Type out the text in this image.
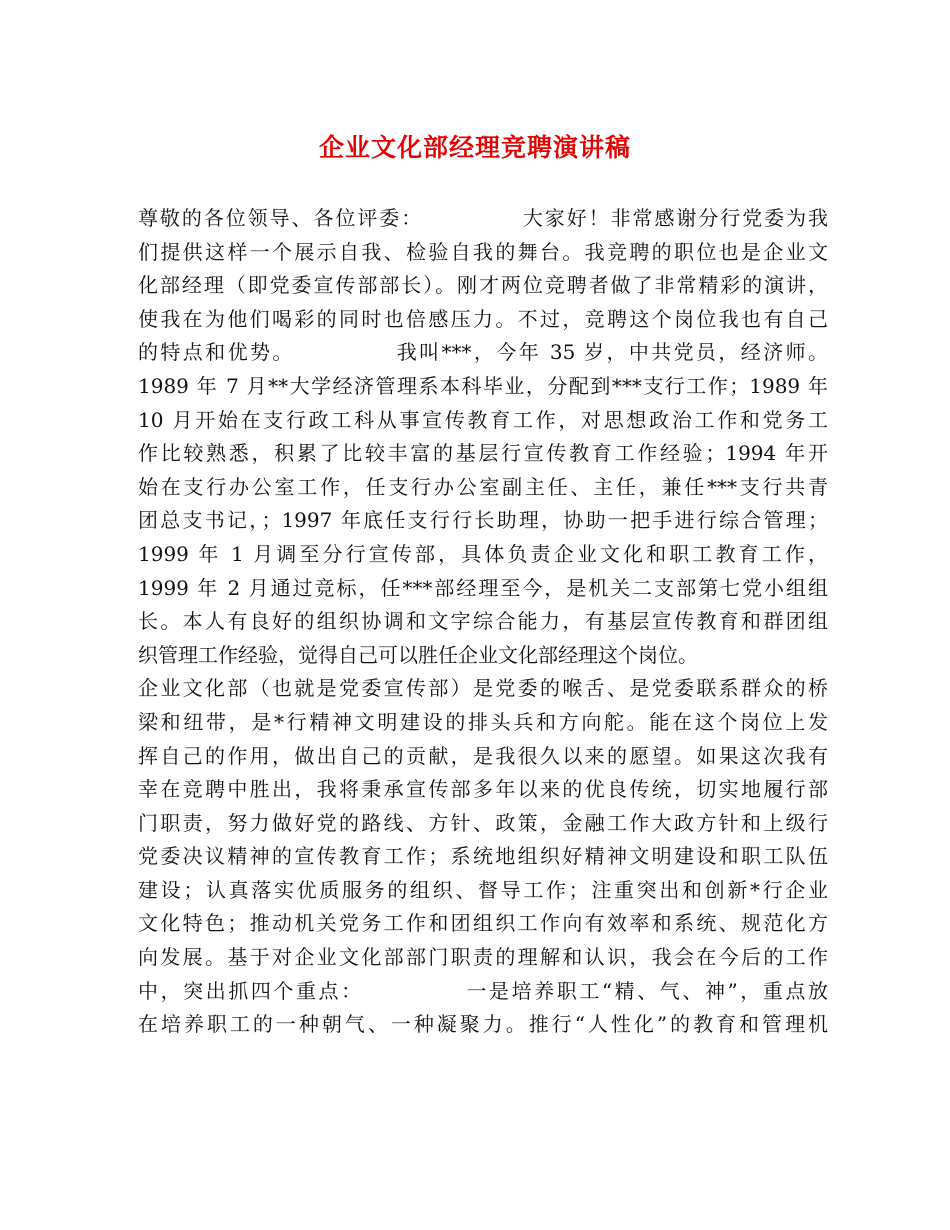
企业文化部经理竞聘演讲稿
尊敬的各位领导、各位评委：　　　　　大家好！非常感谢分行党委为我
们提供这样一个展示自我、检验自我的舞台。我竞聘的职位也是企业文
化部经理（即党委宣传部部长）。刚才两位竞聘者做了非常精彩的演讲，
使我在为他们喝彩的同时也倍感压力。不过，竞聘这个岗位我也有自己
的特点和优势。　　　　　我叫***，今年 35 岁，中共党员，经济师。
1989 年 7 月**大学经济管理系本科毕业，分配到***支行工作；1989 年
10 月开始在支行政工科从事宣传教育工作，对思想政治工作和党务工
作比较熟悉，积累了比较丰富的基层行宣传教育工作经验；1994 年开
始在支行办公室工作，任支行办公室副主任、主任，兼任***支行共青
团总支书记，；1997 年底任支行行长助理，协助一把手进行综合管理；
1999 年 1 月调至分行宣传部，具体负责企业文化和职工教育工作，
1999 年 2 月通过竞标，任***部经理至今，是机关二支部第七党小组组
长。本人有良好的组织协调和文字综合能力，有基层宣传教育和群团组
织管理工作经验，觉得自己可以胜任企业文化部经理这个岗位。
企业文化部（也就是党委宣传部）是党委的喉舌、是党委联系群众的桥
梁和纽带，是*行精神文明建设的排头兵和方向舵。能在这个岗位上发
挥自己的作用，做出自己的贡献，是我很久以来的愿望。如果这次我有
幸在竞聘中胜出，我将秉承宣传部多年以来的优良传统，切实地履行部
门职责，努力做好党的路线、方针、政策，金融工作大政方针和上级行
党委决议精神的宣传教育工作；系统地组织好精神文明建设和职工队伍
建设；认真落实优质服务的组织、督导工作；注重突出和创新*行企业
文化特色；推动机关党务工作和团组织工作向有效率和系统、规范化方
向发展。基于对企业文化部部门职责的理解和认识，我会在今后的工作
中，突出抓四个重点：　　　　　一是培养职工“精、气、神”，重点放
在培养职工的一种朝气、一种凝聚力。推行“人性化”的教育和管理机
